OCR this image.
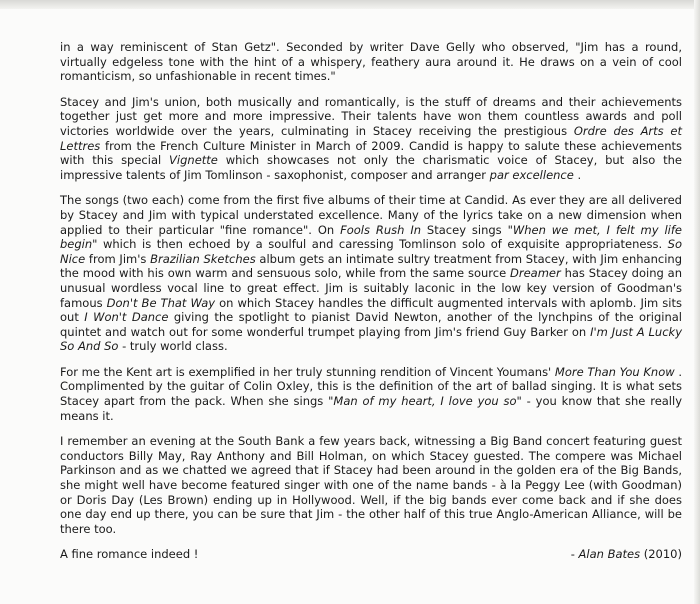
in a way reminiscent of Stan Getz". Seconded by writer Dave Gelly who observed, "Jim has a round, virtually edgeless tone with the hint of a whispery, feathery aura around it. He draws on a vein of cool romanticism, so unfashionable in recent times."

Stacey and Jim's union, both musically and romantically, is the stuff of dreams and their achievements together just get more and more impressive. Their talents have won them countless awards and poll victories worldwide over the years, culminating in Stacey receiving the prestigious Ordre des Arts et Lettres from the French Culture Minister in March of 2009. Candid is happy to salute these achievements with this special Vignette which showcases not only the charismatic voice of Stacey, but also the impressive talents of Jim Tomlinson - saxophonist, composer and arranger par excellence .

The songs (two each) come from the first five albums of their time at Candid. As ever they are all delivered by Stacey and Jim with typical understated excellence. Many of the lyrics take on a new dimension when applied to their particular "fine romance". On Fools Rush In Stacey sings "When we met, I felt my life begin" which is then echoed by a soulful and caressing Tomlinson solo of exquisite appropriateness. So Nice from Jim's Brazilian Sketches album gets an intimate sultry treatment from Stacey, with Jim enhancing the mood with his own warm and sensuous solo, while from the same source Dreamer has Stacey doing an unusual wordless vocal line to great effect. Jim is suitably laconic in the low key version of Goodman's famous Don't Be That Way on which Stacey handles the difficult augmented intervals with aplomb. Jim sits out I Won't Dance giving the spotlight to pianist David Newton, another of the lynchpins of the original quintet and watch out for some wonderful trumpet playing from Jim's friend Guy Barker on I'm Just A Lucky So And So - truly world class.

For me the Kent art is exemplified in her truly stunning rendition of Vincent Youmans' More Than You Know . Complimented by the guitar of Colin Oxley, this is the definition of the art of ballad singing. It is what sets Stacey apart from the pack. When she sings "Man of my heart, I love you so" - you know that she really means it.

I remember an evening at the South Bank a few years back, witnessing a Big Band concert featuring guest conductors Billy May, Ray Anthony and Bill Holman, on which Stacey guested. The compere was Michael Parkinson and as we chatted we agreed that if Stacey had been around in the golden era of the Big Bands, she might well have become featured singer with one of the name bands - à la Peggy Lee (with Goodman) or Doris Day (Les Brown) ending up in Hollywood. Well, if the big bands ever come back and if she does one day end up there, you can be sure that Jim - the other half of this true Anglo-American Alliance, will be there too.

A fine romance indeed !	- Alan Bates (2010)
